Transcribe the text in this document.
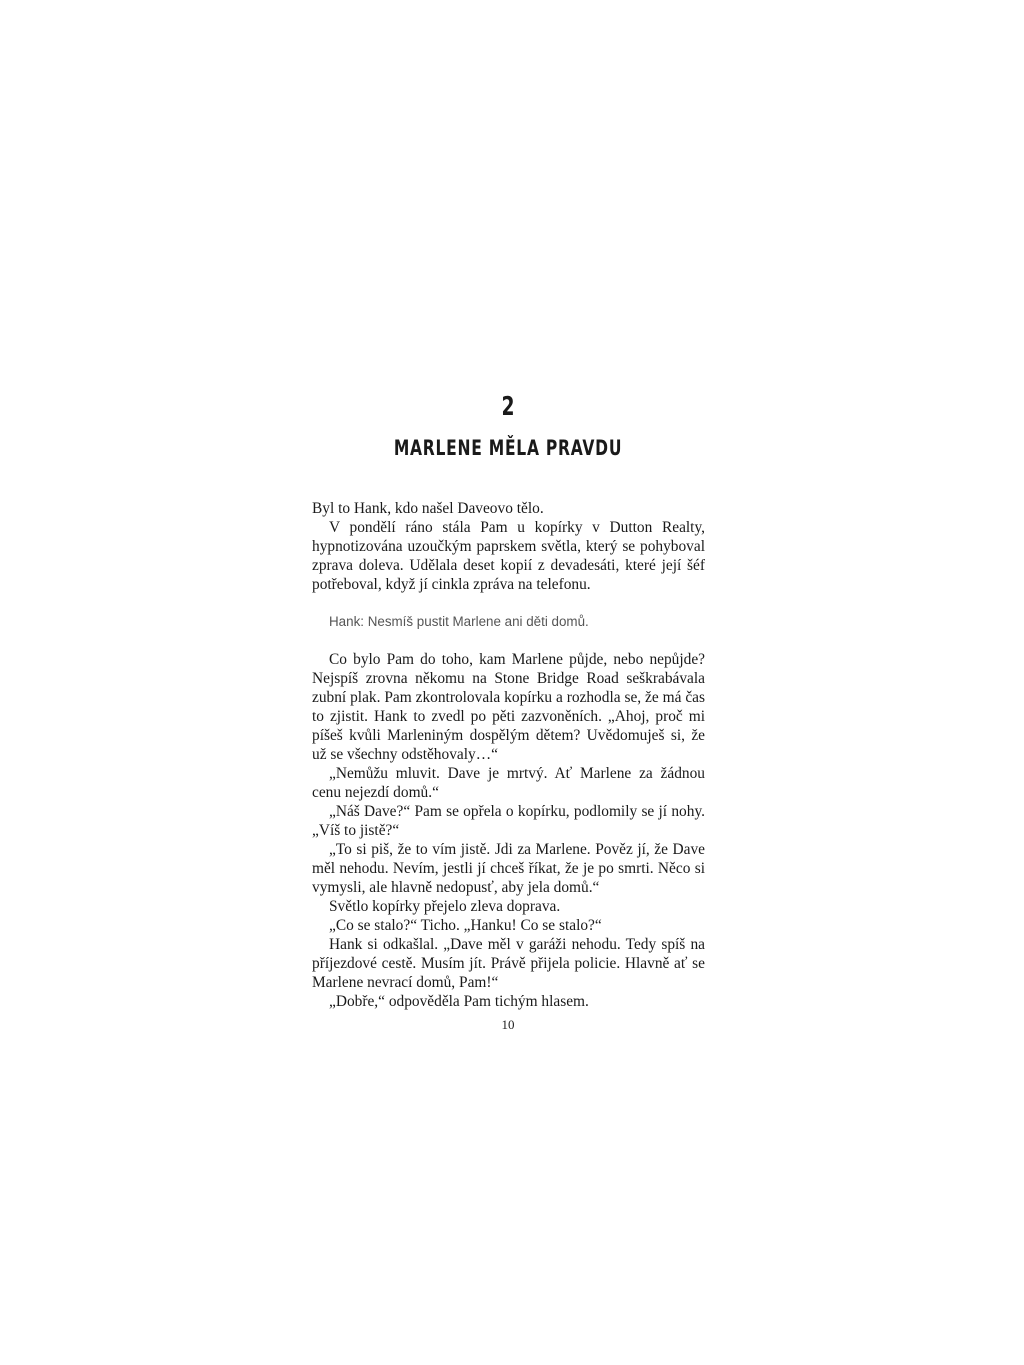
2
MARLENE MĚLA PRAVDU

Byl to Hank, kdo našel Daveovo tělo.

V pondělí ráno stála Pam u kopírky v Dutton Realty, hypnotizována uzoučkým paprskem světla, který se pohyboval zprava doleva. Udělala deset kopií z devadesáti, které její šéf potřeboval, když jí cinkla zpráva na telefonu.

Hank: Nesmíš pustit Marlene ani děti domů.

Co bylo Pam do toho, kam Marlene půjde, nebo nepůjde? Nejspíš zrovna někomu na Stone Bridge Road seškrabávala zubní plak. Pam zkontrolovala kopírku a rozhodla se, že má čas to zjistit. Hank to zvedl po pěti zazvoněních. „Ahoj, proč mi píšeš kvůli Marleniným dospělým dětem? Uvědomuješ si, že už se všechny odstěhovaly…“

„Nemůžu mluvit. Dave je mrtvý. Ať Marlene za žádnou cenu nejezdí domů.“

„Náš Dave?“ Pam se opřela o kopírku, podlomily se jí nohy. „Víš to jistě?“

„To si piš, že to vím jistě. Jdi za Marlene. Pověz jí, že Dave měl nehodu. Nevím, jestli jí chceš říkat, že je po smrti. Něco si vymysli, ale hlavně nedopusť, aby jela domů.“

Světlo kopírky přejelo zleva doprava.

„Co se stalo?“ Ticho. „Hanku! Co se stalo?“

Hank si odkašlal. „Dave měl v garáži nehodu. Tedy spíš na příjezdové cestě. Musím jít. Právě přijela policie. Hlavně ať se Marlene nevrací domů, Pam!“

„Dobře,“ odpověděla Pam tichým hlasem.

10
